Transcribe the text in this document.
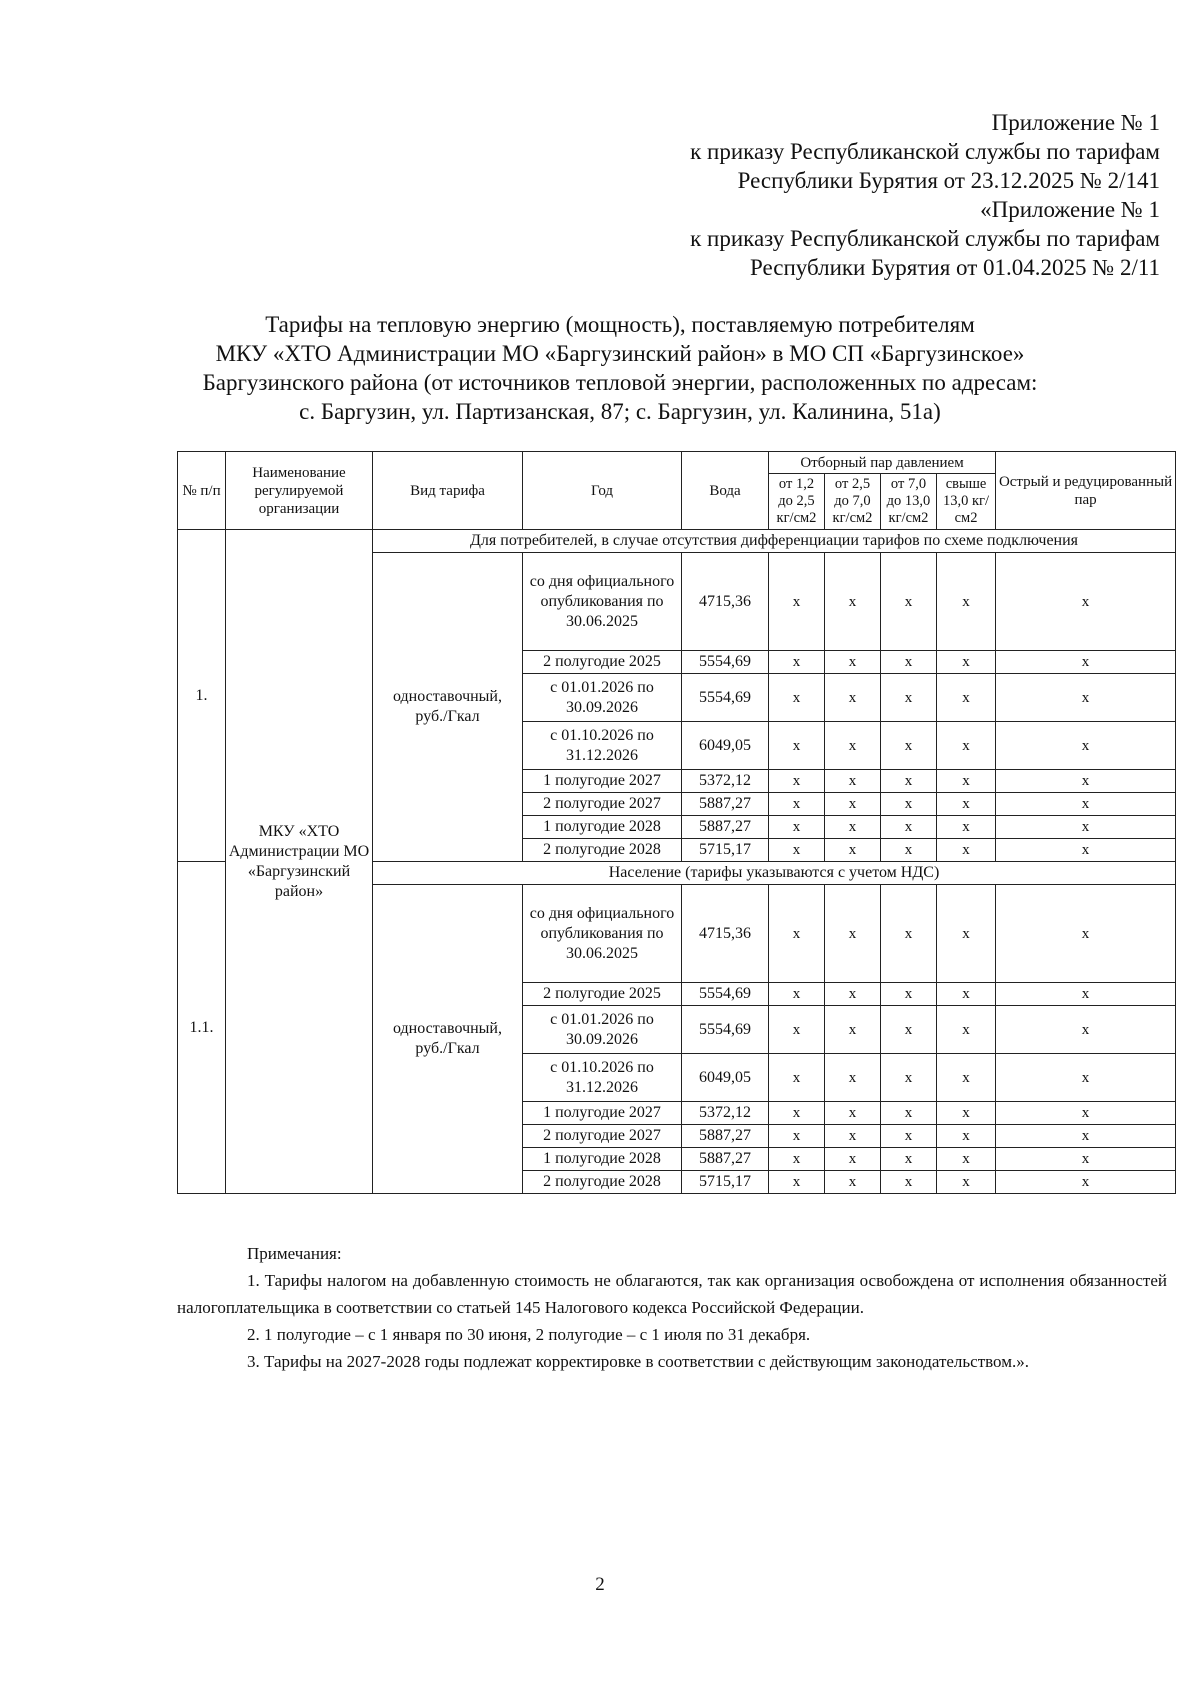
Приложение № 1
к приказу Республиканской службы по тарифам
Республики Бурятия от 23.12.2025 № 2/141
«Приложение № 1
к приказу Республиканской службы по тарифам
Республики Бурятия от 01.04.2025 № 2/11
Тарифы на тепловую энергию (мощность), поставляемую потребителям
МКУ «ХТО Администрации МО «Баргузинский район» в МО СП «Баргузинское»
Баргузинского района (от источников тепловой энергии, расположенных по адресам:
с. Баргузин, ул. Партизанская, 87; с. Баргузин, ул. Калинина, 51а)
№ п/п	Наименование регулируемой организации	Вид тарифа	Год	Вода	Отборный пар давлением				Острый и редуцированный пар
					от 1,2 до 2,5 кг/см2	от 2,5 до 7,0 кг/см2	от 7,0 до 13,0 кг/см2	свыше 13,0 кг/см2	
1.	МКУ «ХТО Администрации МО «Баргузинский район»	Для потребителей, в случае отсутствия дифференциации тарифов по схеме подключения							
		одноставочный, руб./Гкал	со дня официального опубликования по 30.06.2025	4715,36	x	x	x	x	x
			2 полугодие 2025	5554,69	x	x	x	x	x
			с 01.01.2026 по 30.09.2026	5554,69	x	x	x	x	x
			с 01.10.2026 по 31.12.2026	6049,05	x	x	x	x	x
			1 полугодие 2027	5372,12	x	x	x	x	x
			2 полугодие 2027	5887,27	x	x	x	x	x
			1 полугодие 2028	5887,27	x	x	x	x	x
			2 полугодие 2028	5715,17	x	x	x	x	x
1.1.		Население (тарифы указываются с учетом НДС)							
		одноставочный, руб./Гкал	со дня официального опубликования по 30.06.2025	4715,36	x	x	x	x	x
			2 полугодие 2025	5554,69	x	x	x	x	x
			с 01.01.2026 по 30.09.2026	5554,69	x	x	x	x	x
			с 01.10.2026 по 31.12.2026	6049,05	x	x	x	x	x
			1 полугодие 2027	5372,12	x	x	x	x	x
			2 полугодие 2027	5887,27	x	x	x	x	x
			1 полугодие 2028	5887,27	x	x	x	x	x
			2 полугодие 2028	5715,17	x	x	x	x	x

Примечания:

1. Тарифы налогом на добавленную стоимость не облагаются, так как организация освобождена от исполнения обязанностей налогоплательщика в соответствии со статьей 145 Налогового кодекса Российской Федерации.

2. 1 полугодие – с 1 января по 30 июня, 2 полугодие – с 1 июля по 31 декабря.

3. Тарифы на 2027-2028 годы подлежат корректировке в соответствии с действующим законодательством.».

2
